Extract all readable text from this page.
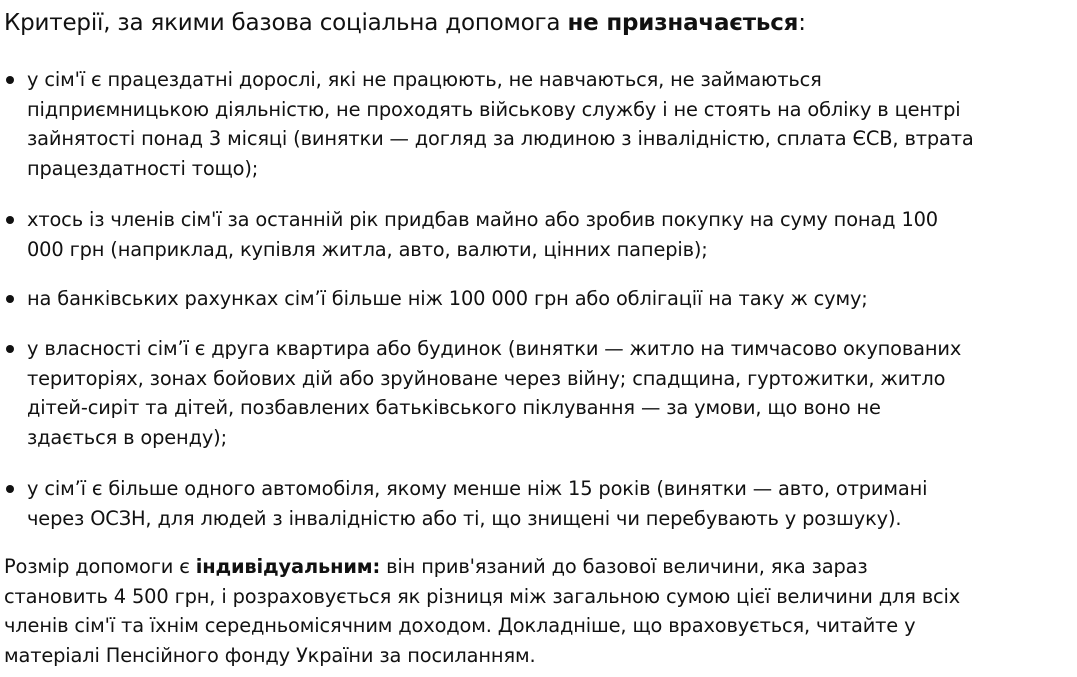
Критерії, за якими базова соціальна допомога не призначається:
у сім'ї є працездатні дорослі, які не працюють, не навчаються, не займаються
підприємницькою діяльністю, не проходять військову службу і не стоять на обліку в центрі
зайнятості понад 3 місяці (винятки — догляд за людиною з інвалідністю, сплата ЄСВ, втрата
працездатності тощо);
хтось із членів сім'ї за останній рік придбав майно або зробив покупку на суму понад 100
000 грн (наприклад, купівля житла, авто, валюти, цінних паперів);
на банківських рахунках сім’ї більше ніж 100 000 грн або облігації на таку ж суму;
у власності сім’ї є друга квартира або будинок (винятки — житло на тимчасово окупованих
територіях, зонах бойових дій або зруйноване через війну; спадщина, гуртожитки, житло
дітей-сиріт та дітей, позбавлених батьківського піклування — за умови, що воно не
здається в оренду);
у сім’ї є більше одного автомобіля, якому менше ніж 15 років (винятки — авто, отримані
через ОСЗН, для людей з інвалідністю або ті, що знищені чи перебувають у розшуку).

Розмір допомоги є індивідуальним: він прив'язаний до базової величини, яка зараз
становить 4 500 грн, і розраховується як різниця між загальною сумою цієї величини для всіх
членів сім'ї та їхнім середньомісячним доходом. Докладніше, що враховується, читайте у
матеріалі Пенсійного фонду України за посиланням.
